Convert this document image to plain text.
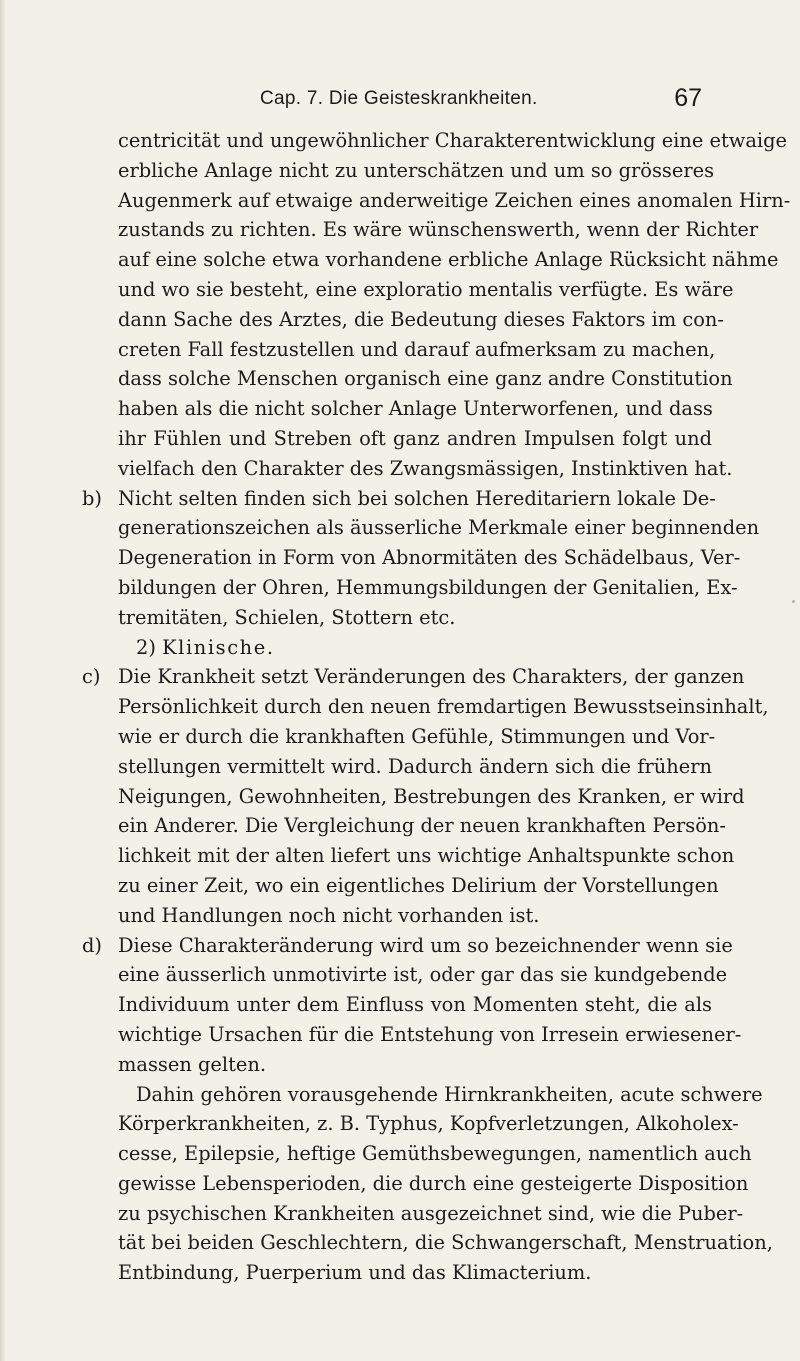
Cap. 7. Die Geisteskrankheiten.	67
centricität und ungewöhnlicher Charakterentwicklung eine etwaige
erbliche Anlage nicht zu unterschätzen und um so grösseres
Augenmerk auf etwaige anderweitige Zeichen eines anomalen Hirn-
zustands zu richten. Es wäre wünschenswerth, wenn der Richter
auf eine solche etwa vorhandene erbliche Anlage Rücksicht nähme
und wo sie besteht, eine exploratio mentalis verfügte. Es wäre
dann Sache des Arztes, die Bedeutung dieses Faktors im con-
creten Fall festzustellen und darauf aufmerksam zu machen,
dass solche Menschen organisch eine ganz andre Constitution
haben als die nicht solcher Anlage Unterworfenen, und dass
ihr Fühlen und Streben oft ganz andren Impulsen folgt und
vielfach den Charakter des Zwangsmässigen, Instinktiven hat.
b) Nicht selten finden sich bei solchen Hereditariern lokale De-
generationszeichen als äusserliche Merkmale einer beginnenden
Degeneration in Form von Abnormitäten des Schädelbaus, Ver-
bildungen der Ohren, Hemmungsbildungen der Genitalien, Ex-
tremitäten, Schielen, Stottern etc.
2) Klinische.
c) Die Krankheit setzt Veränderungen des Charakters, der ganzen
Persönlichkeit durch den neuen fremdartigen Bewusstseinsinhalt,
wie er durch die krankhaften Gefühle, Stimmungen und Vor-
stellungen vermittelt wird. Dadurch ändern sich die frühern
Neigungen, Gewohnheiten, Bestrebungen des Kranken, er wird
ein Anderer. Die Vergleichung der neuen krankhaften Persön-
lichkeit mit der alten liefert uns wichtige Anhaltspunkte schon
zu einer Zeit, wo ein eigentliches Delirium der Vorstellungen
und Handlungen noch nicht vorhanden ist.
d) Diese Charakteränderung wird um so bezeichnender wenn sie
eine äusserlich unmotivirte ist, oder gar das sie kundgebende
Individuum unter dem Einfluss von Momenten steht, die als
wichtige Ursachen für die Entstehung von Irresein erwiesener-
massen gelten.
Dahin gehören vorausgehende Hirnkrankheiten, acute schwere
Körperkrankheiten, z. B. Typhus, Kopfverletzungen, Alkoholex-
cesse, Epilepsie, heftige Gemüthsbewegungen, namentlich auch
gewisse Lebensperioden, die durch eine gesteigerte Disposition
zu psychischen Krankheiten ausgezeichnet sind, wie die Puber-
tät bei beiden Geschlechtern, die Schwangerschaft, Menstruation,
Entbindung, Puerperium und das Klimacterium.
